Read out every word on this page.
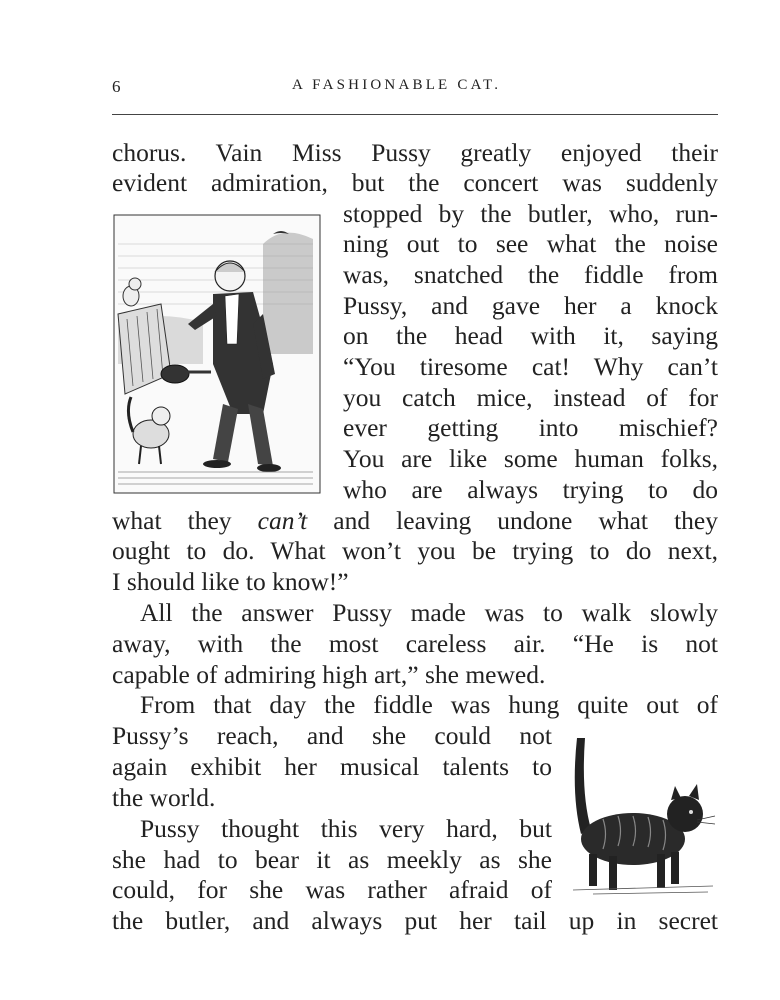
6	A FASHIONABLE CAT.
chorus. Vain Miss Pussy greatly enjoyed their
evident admiration, but the concert was suddenly
stopped by the butler, who, run-
ning out to see what the noise
was, snatched the fiddle from
Pussy, and gave her a knock
on the head with it, saying
“You tiresome cat! Why can’t
you catch mice, instead of for
ever getting into mischief?
You are like some human folks,
who are always trying to do
what they can’t and leaving undone what they
ought to do. What won’t you be trying to do next,
I should like to know!”
All the answer Pussy made was to walk slowly
away, with the most careless air. “He is not
capable of admiring high art,” she mewed.
From that day the fiddle was hung quite out of
Pussy’s reach, and she could not
again exhibit her musical talents to
the world.
Pussy thought this very hard, but
she had to bear it as meekly as she
could, for she was rather afraid of
the butler, and always put her tail up in secret
